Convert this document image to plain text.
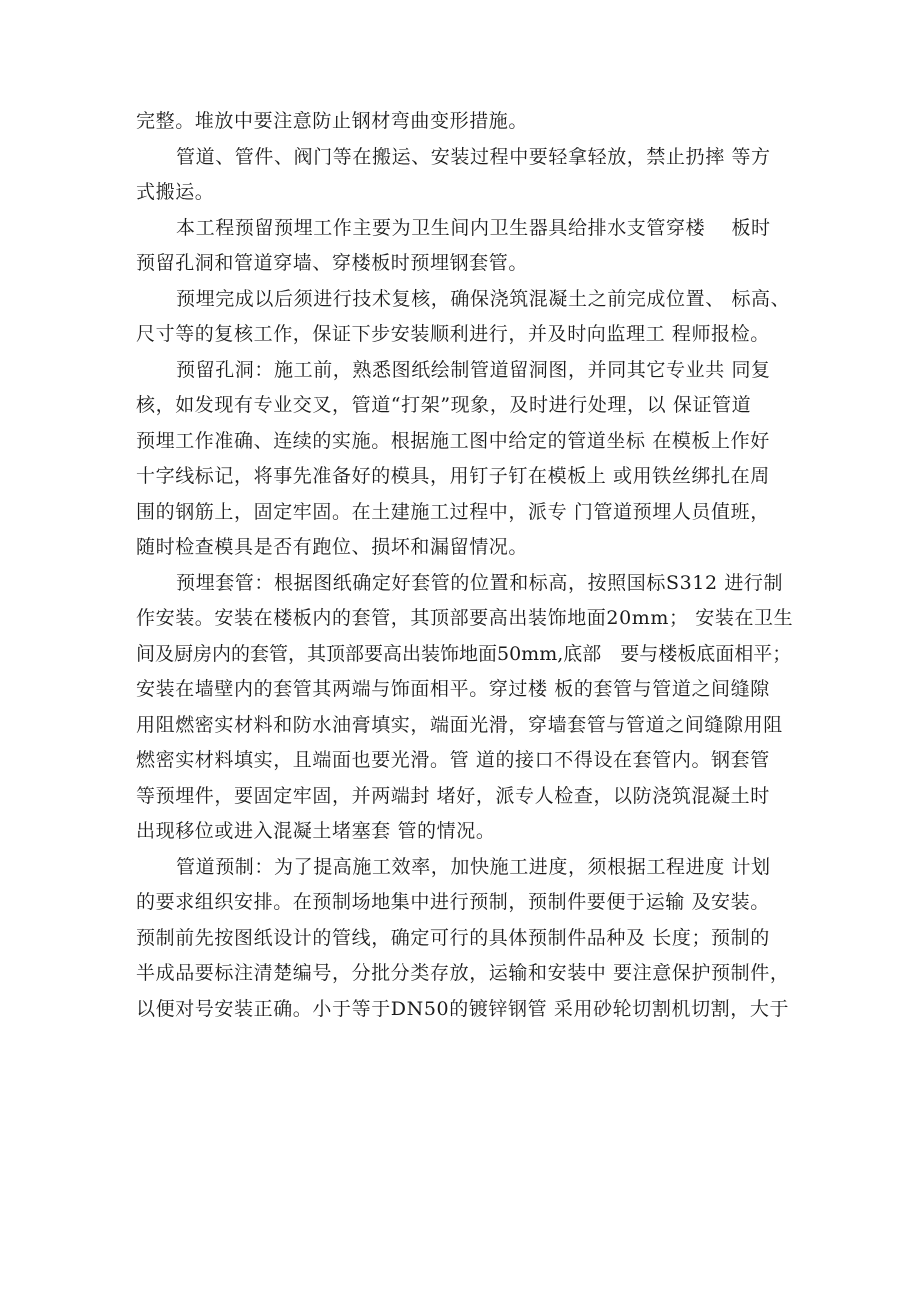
完整。堆放中要注意防止钢材弯曲变形措施。
管道、管件、阀门等在搬运、安装过程中要轻拿轻放，禁止扔摔 等方
式搬运。
本工程预留预埋工作主要为卫生间内卫生器具给排水支管穿楼　 板时
预留孔洞和管道穿墙、穿楼板时预埋钢套管。
预埋完成以后须进行技术复核，确保浇筑混凝土之前完成位置、 标高、
尺寸等的复核工作，保证下步安装顺利进行，并及时向监理工 程师报检。
预留孔洞：施工前，熟悉图纸绘制管道留洞图，并同其它专业共 同复
核，如发现有专业交叉，管道“打架”现象，及时进行处理，以 保证管道
预埋工作准确、连续的实施。根据施工图中给定的管道坐标 在模板上作好
十字线标记，将事先准备好的模具，用钉子钉在模板上 或用铁丝绑扎在周
围的钢筋上，固定牢固。在土建施工过程中，派专 门管道预埋人员值班，
随时检查模具是否有跑位、损坏和漏留情况。
预埋套管：根据图纸确定好套管的位置和标高，按照国标S312 进行制
作安装。安装在楼板内的套管，其顶部要高出装饰地面20mm； 安装在卫生
间及厨房内的套管，其顶部要高出装饰地面50mm,底部　要与楼板底面相平；
安装在墙壁内的套管其两端与饰面相平。穿过楼 板的套管与管道之间缝隙
用阻燃密实材料和防水油膏填实，端面光滑，穿墙套管与管道之间缝隙用阻
燃密实材料填实，且端面也要光滑。管 道的接口不得设在套管内。钢套管
等预埋件，要固定牢固，并两端封 堵好，派专人检查，以防浇筑混凝土时
出现移位或进入混凝土堵塞套 管的情况。
管道预制：为了提高施工效率，加快施工进度，须根据工程进度 计划
的要求组织安排。在预制场地集中进行预制，预制件要便于运输 及安装。
预制前先按图纸设计的管线，确定可行的具体预制件品种及 长度；预制的
半成品要标注清楚编号，分批分类存放，运输和安装中 要注意保护预制件，
以便对号安装正确。小于等于DN50的镀锌钢管 采用砂轮切割机切割，大于
